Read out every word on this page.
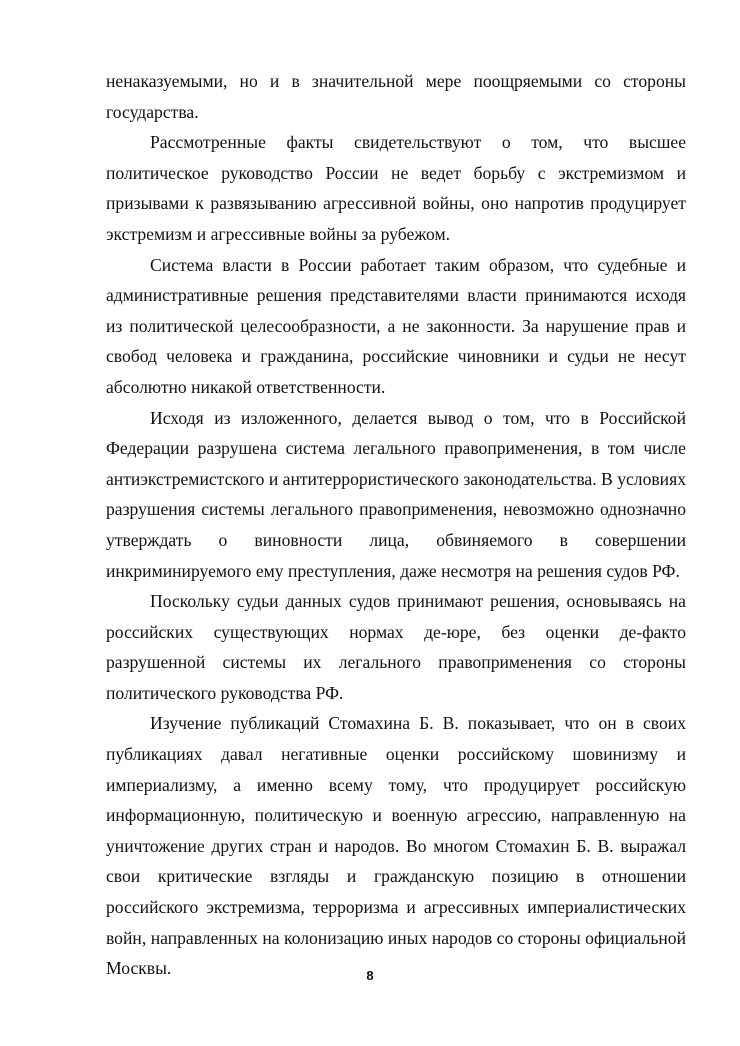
ненаказуемыми, но и в значительной мере поощряемыми со стороны государства.

Рассмотренные факты свидетельствуют о том, что высшее политическое руководство России не ведет борьбу с экстремизмом и призывами к развязыванию агрессивной войны, оно напротив продуцирует экстремизм и агрессивные войны за рубежом.

Система власти в России работает таким образом, что судебные и административные решения представителями власти принимаются исходя из политической целесообразности, а не законности. За нарушение прав и свобод человека и гражданина, российские чиновники и судьи не несут абсолютно никакой ответственности.

Исходя из изложенного, делается вывод о том, что в Российской Федерации разрушена система легального правоприменения, в том числе антиэкстремистского и антитеррористического законодательства. В условиях разрушения системы легального правоприменения, невозможно однозначно утверждать о виновности лица, обвиняемого в совершении инкриминируемого ему преступления, даже несмотря на решения судов РФ.

Поскольку судьи данных судов принимают решения, основываясь на российских существующих нормах де-юре, без оценки де-факто разрушенной системы их легального правоприменения со стороны политического руководства РФ.

Изучение публикаций Стомахина Б. В. показывает, что он в своих публикациях давал негативные оценки российскому шовинизму и империализму, а именно всему тому, что продуцирует российскую информационную, политическую и военную агрессию, направленную на уничтожение других стран и народов. Во многом Стомахин Б. В. выражал свои критические взгляды и гражданскую позицию в отношении российского экстремизма, терроризма и агрессивных империалистических войн, направленных на колонизацию иных народов со стороны официальной Москвы.	8
